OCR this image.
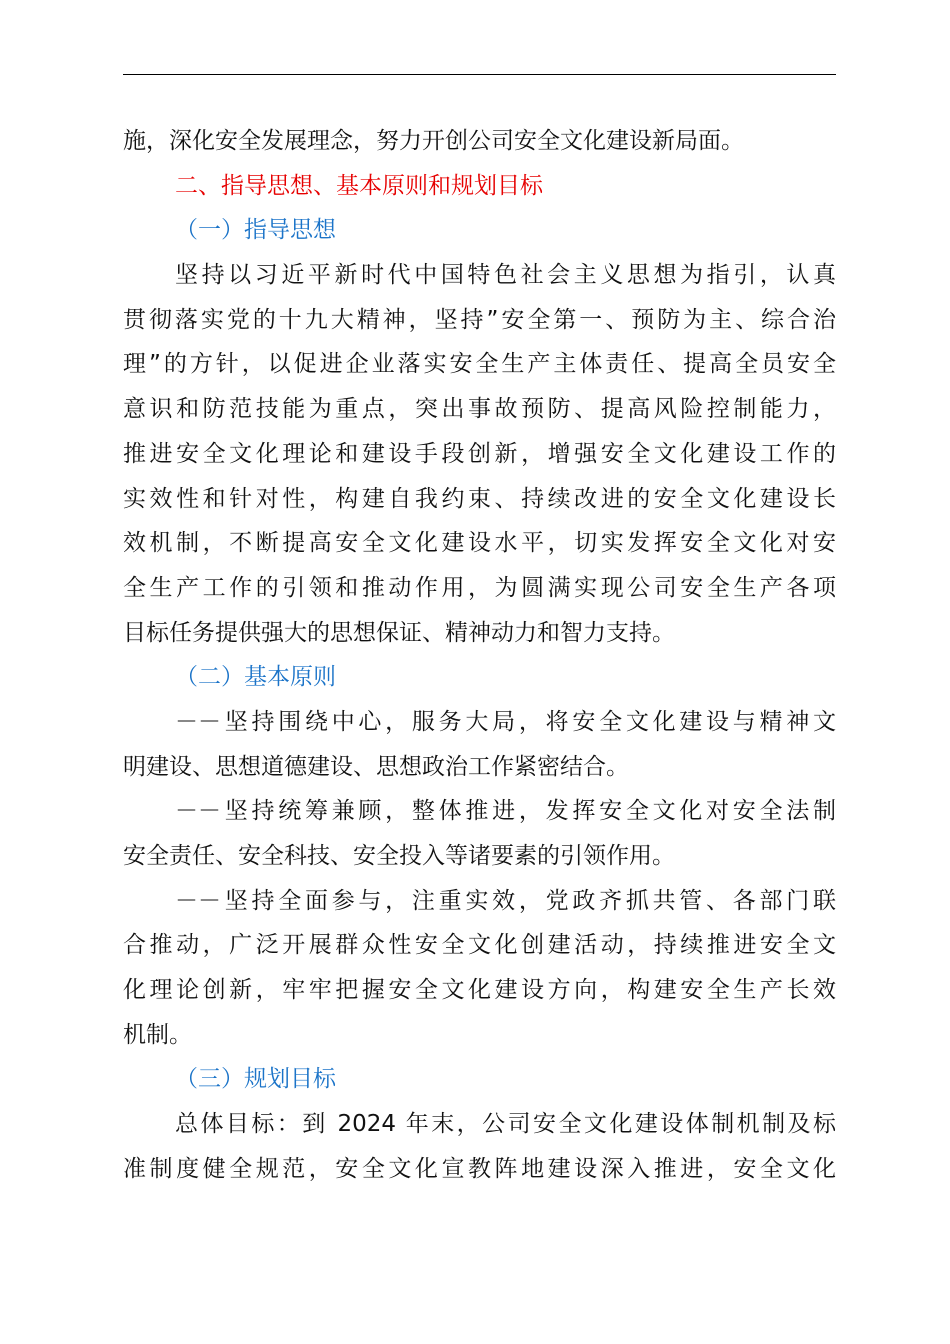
施，深化安全发展理念，努力开创公司安全文化建设新局面。
二、指导思想、基本原则和规划目标
（一）指导思想
坚持以习近平新时代中国特色社会主义思想为指引，认真
贯彻落实党的十九大精神，坚持”安全第一、预防为主、综合治
理”的方针，以促进企业落实安全生产主体责任、提高全员安全
意识和防范技能为重点，突出事故预防、提高风险控制能力，
推进安全文化理论和建设手段创新，增强安全文化建设工作的
实效性和针对性，构建自我约束、持续改进的安全文化建设长
效机制，不断提高安全文化建设水平，切实发挥安全文化对安
全生产工作的引领和推动作用，为圆满实现公司安全生产各项
目标任务提供强大的思想保证、精神动力和智力支持。
（二）基本原则
－－坚持围绕中心，服务大局，将安全文化建设与精神文
明建设、思想道德建设、思想政治工作紧密结合。
－－坚持统筹兼顾，整体推进，发挥安全文化对安全法制
安全责任、安全科技、安全投入等诸要素的引领作用。
－－坚持全面参与，注重实效，党政齐抓共管、各部门联
合推动，广泛开展群众性安全文化创建活动，持续推进安全文
化理论创新，牢牢把握安全文化建设方向，构建安全生产长效
机制。
（三）规划目标
总体目标：到 2024 年末，公司安全文化建设体制机制及标
准制度健全规范，安全文化宣教阵地建设深入推进，安全文化
